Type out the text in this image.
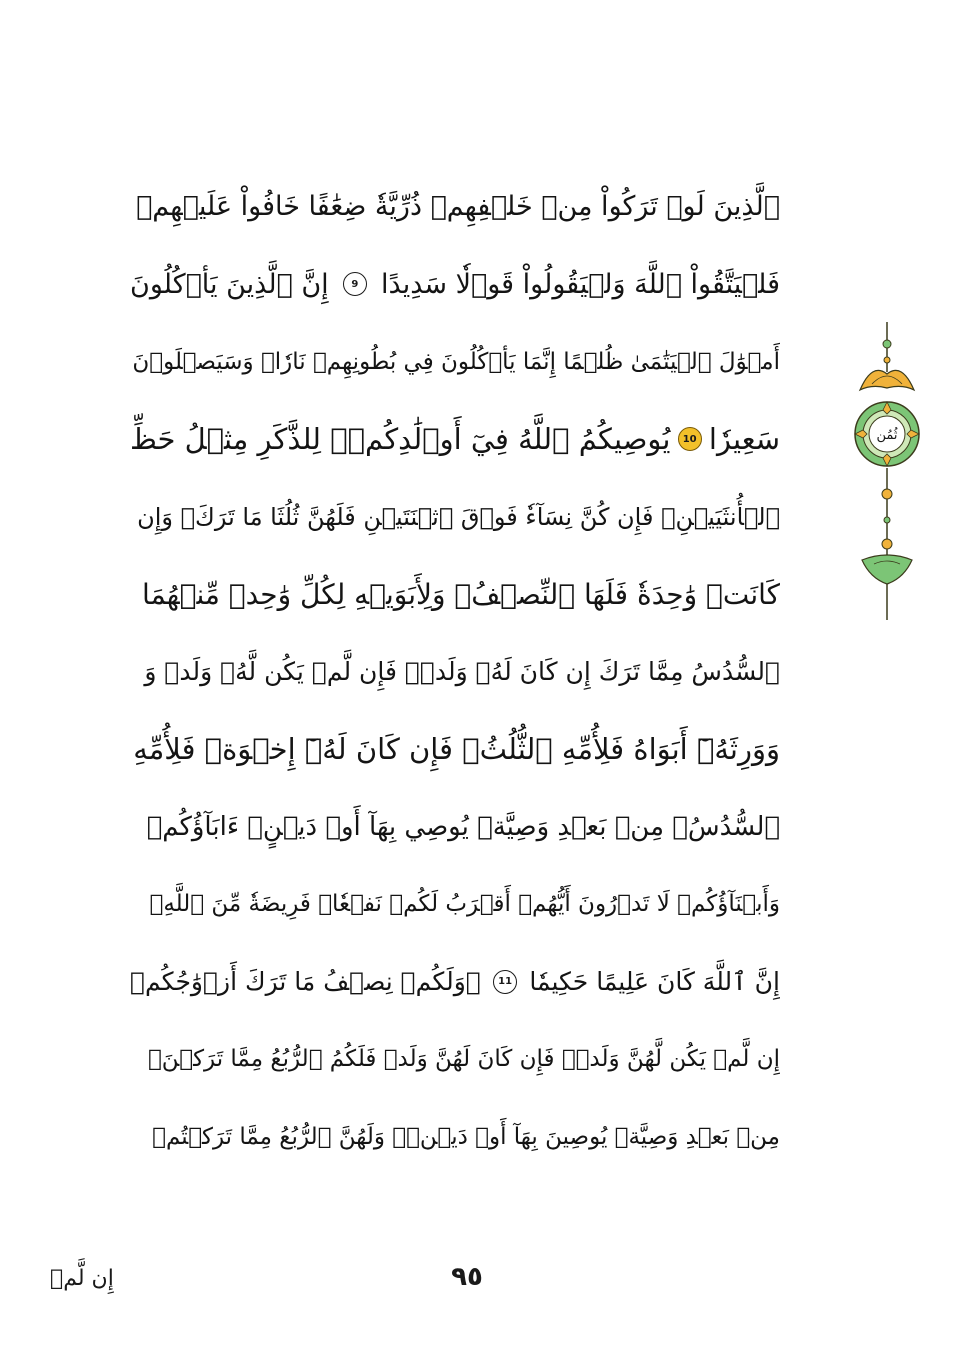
ٱلَّذِينَ لَوۡ تَرَكُواْ مِنۡ خَلۡفِهِمۡ ذُرِّيَّةٗ ضِعَٰفًا خَافُواْ عَلَيۡهِمۡ
فَلۡيَتَّقُواْ ٱللَّهَ وَلۡيَقُولُواْ قَوۡلٗا سَدِيدًا
9
إِنَّ ٱلَّذِينَ يَأۡكُلُونَ
أَمۡوَٰلَ ٱلۡيَتَٰمَىٰ ظُلۡمًا إِنَّمَا يَأۡكُلُونَ فِي بُطُونِهِمۡ نَارٗاۖ وَسَيَصۡلَوۡنَ
سَعِيرٗا
10
يُوصِيكُمُ ٱللَّهُ فِيٓ أَوۡلَٰدِكُمۡۖ لِلذَّكَرِ مِثۡلُ حَظِّ
ٱلۡأُنثَيَيۡنِۚ فَإِن كُنَّ نِسَآءٗ فَوۡقَ ٱثۡنَتَيۡنِ فَلَهُنَّ ثُلُثَا مَا تَرَكَۖ وَإِن
كَانَتۡ وَٰحِدَةٗ فَلَهَا ٱلنِّصۡفُۚ وَلِأَبَوَيۡهِ لِكُلِّ وَٰحِدٖ مِّنۡهُمَا
ٱلسُّدُسُ مِمَّا تَرَكَ إِن كَانَ لَهُۥ وَلَدٞۚ فَإِن لَّمۡ يَكُن لَّهُۥ وَلَدٞ وَ
وَوَرِثَهُۥٓ أَبَوَاهُ فَلِأُمِّهِ ٱلثُّلُثُۚ فَإِن كَانَ لَهُۥٓ إِخۡوَةٞ فَلِأُمِّهِ
ٱلسُّدُسُۚ مِنۢ بَعۡدِ وَصِيَّةٖ يُوصِي بِهَآ أَوۡ دَيۡنٍۗ ءَابَآؤُكُمۡ
وَأَبۡنَآؤُكُمۡ لَا تَدۡرُونَ أَيُّهُمۡ أَقۡرَبُ لَكُمۡ نَفۡعٗاۚ فَرِيضَةٗ مِّنَ ٱللَّهِۗ
إِنَّ ٱللَّهَ كَانَ عَلِيمًا حَكِيمٗا
11
۞وَلَكُمۡ نِصۡفُ مَا تَرَكَ أَزۡوَٰجُكُمۡ
إِن لَّمۡ يَكُن لَّهُنَّ وَلَدٞۚ فَإِن كَانَ لَهُنَّ وَلَدٞ فَلَكُمُ ٱلرُّبُعُ مِمَّا تَرَكۡنَۚ
مِنۢ بَعۡدِ وَصِيَّةٖ يُوصِينَ بِهَآ أَوۡ دَيۡنٖۚ وَلَهُنَّ ٱلرُّبُعُ مِمَّا تَرَكۡتُمۡ
ثُمُن
٩٥
إِن لَّمۡ
